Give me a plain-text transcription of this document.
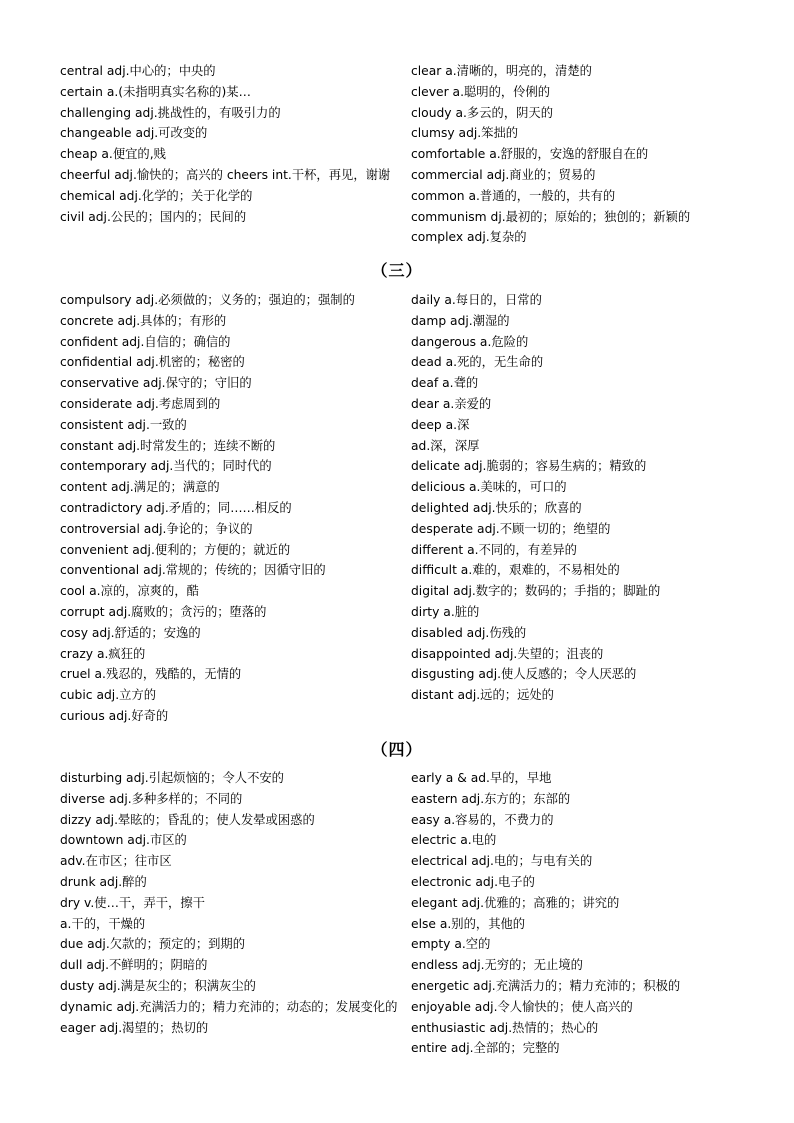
central adj.中心的；中央的
certain a.(未指明真实名称的)某…
challenging adj.挑战性的，有吸引力的
changeable adj.可改变的
cheap a.便宜的,贱
cheerful adj.愉快的；高兴的 cheers int.干杯，再见，谢谢
chemical adj.化学的；关于化学的
civil adj.公民的；国内的；民间的
clear a.清晰的，明亮的，清楚的
clever a.聪明的，伶俐的
cloudy a.多云的，阴天的
clumsy adj.笨拙的
comfortable a.舒服的，安逸的舒服自在的
commercial adj.商业的；贸易的
common a.普通的，一般的，共有的
communism dj.最初的；原始的；独创的；新颖的
complex adj.复杂的
（三）
compulsory adj.必须做的；义务的；强迫的；强制的
concrete adj.具体的；有形的
confident adj.自信的；确信的
confidential adj.机密的；秘密的
conservative adj.保守的；守旧的
considerate adj.考虑周到的
consistent adj.一致的
constant adj.时常发生的；连续不断的
contemporary adj.当代的；同时代的
content adj.满足的；满意的
contradictory adj.矛盾的；同……相反的
controversial adj.争论的；争议的
convenient adj.便利的；方便的；就近的
conventional adj.常规的；传统的；因循守旧的
cool a.凉的，凉爽的，酷
corrupt adj.腐败的；贪污的；堕落的
cosy adj.舒适的；安逸的
crazy a.疯狂的
cruel a.残忍的，残酷的，无情的
cubic adj.立方的
curious adj.好奇的
daily a.每日的，日常的
damp adj.潮湿的
dangerous a.危险的
dead a.死的，无生命的
deaf a.聋的
dear a.亲爱的
deep a.深
ad.深，深厚
delicate adj.脆弱的；容易生病的；精致的
delicious a.美味的，可口的
delighted adj.快乐的；欣喜的
desperate adj.不顾一切的；绝望的
different a.不同的，有差异的
difficult a.难的，艰难的，不易相处的
digital adj.数字的；数码的；手指的；脚趾的
dirty a.脏的
disabled adj.伤残的
disappointed adj.失望的；沮丧的
disgusting adj.使人反感的；令人厌恶的
distant adj.远的；远处的
（四）
disturbing adj.引起烦恼的；令人不安的
diverse adj.多种多样的；不同的
dizzy adj.晕眩的；昏乱的；使人发晕或困惑的
downtown adj.市区的
adv.在市区；往市区
drunk adj.醉的
dry v.使…干，弄干，擦干
a.干的，干燥的
due adj.欠款的；预定的；到期的
dull adj.不鲜明的；阴暗的
dusty adj.满是灰尘的；积满灰尘的
dynamic adj.充满活力的；精力充沛的；动态的；发展变化的
eager adj.渴望的；热切的
early a & ad.早的，早地
eastern adj.东方的；东部的
easy a.容易的，不费力的
electric a.电的
electrical adj.电的；与电有关的
electronic adj.电子的
elegant adj.优雅的；高雅的；讲究的
else a.别的，其他的
empty a.空的
endless adj.无穷的；无止境的
energetic adj.充满活力的；精力充沛的；积极的
enjoyable adj.令人愉快的；使人高兴的
enthusiastic adj.热情的；热心的
entire adj.全部的；完整的
